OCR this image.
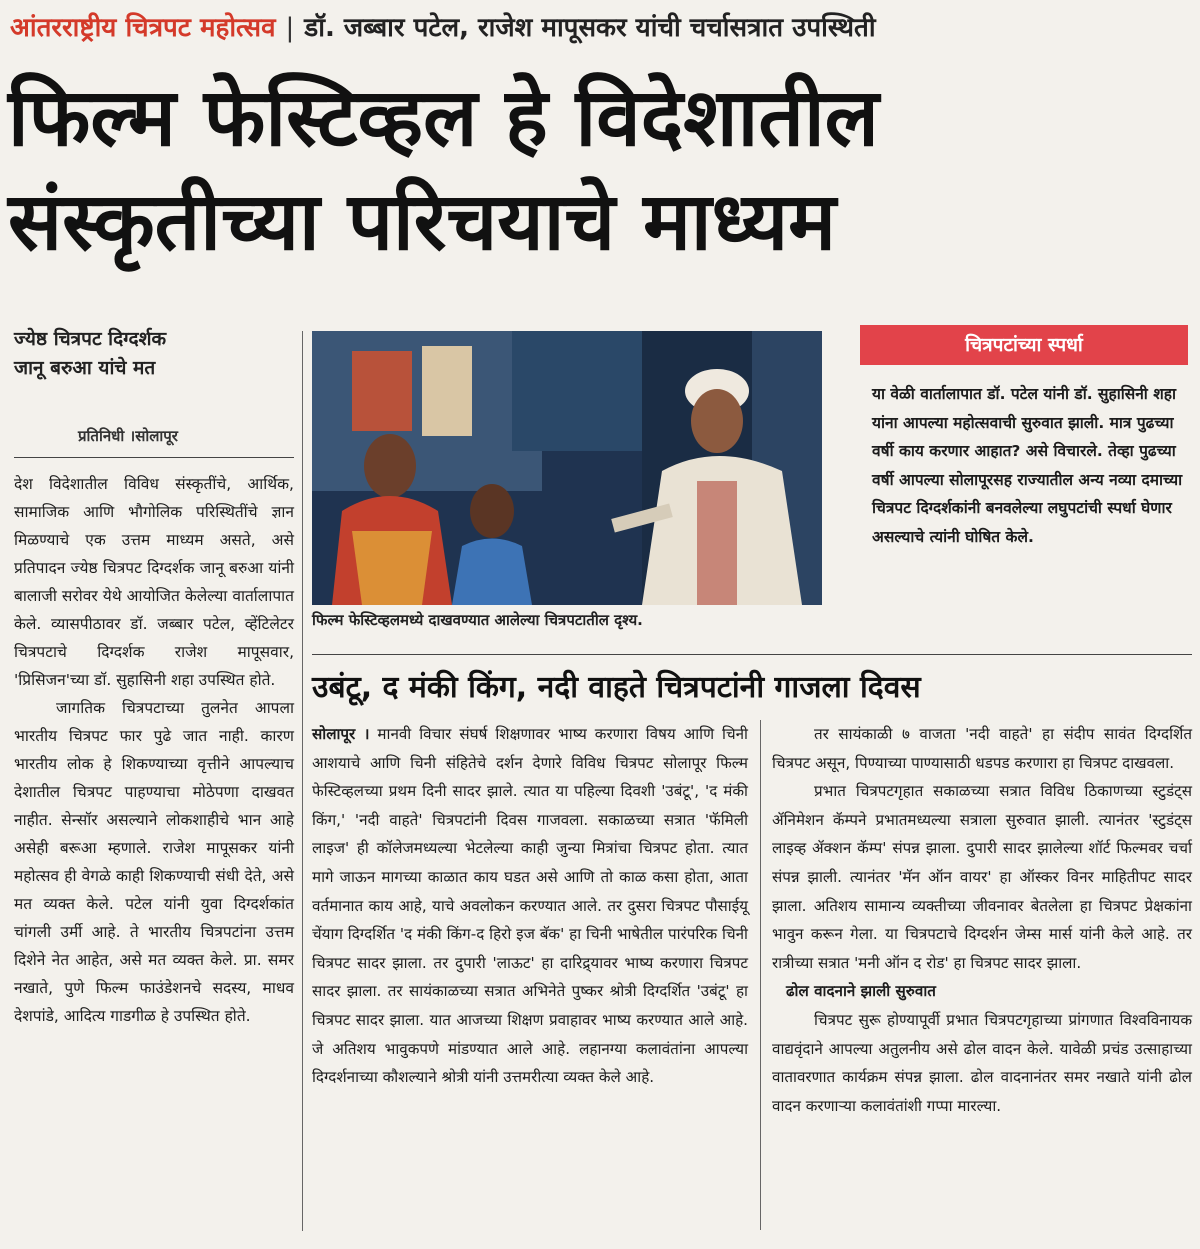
आंतरराष्ट्रीय चित्रपट महोत्सव | डॉ. जब्बार पटेल, राजेश मापूसकर यांची चर्चासत्रात उपस्थिती
फिल्म फेस्टिव्हल हे विदेशातील
संस्कृतीच्या परिचयाचे माध्यम
ज्येष्ठ चित्रपट दिग्दर्शक
जानू बरुआ यांचे मत
प्रतिनिधी ।सोलापूर

देश विदेशातील विविध संस्कृतींचे, आर्थिक, सामाजिक आणि भौगोलिक परिस्थितींचे ज्ञान मिळण्याचे एक उत्तम माध्यम असते, असे प्रतिपादन ज्येष्ठ चित्रपट दिग्दर्शक जानू बरुआ यांनी बालाजी सरोवर येथे आयोजित केलेल्या वार्तालापात केले. व्यासपीठावर डॉ. जब्बार पटेल, व्हेंटिलेटर चित्रपटाचे दिग्दर्शक राजेश मापूसवार, 'प्रिसिजन'च्या डॉ. सुहासिनी शहा उपस्थित होते.

जागतिक चित्रपटाच्या तुलनेत आपला भारतीय चित्रपट फार पुढे जात नाही. कारण भारतीय लोक हे शिकण्याच्या वृत्तीने आपल्याच देशातील चित्रपट पाहण्याचा मोठेपणा दाखवत नाहीत. सेन्सॉर असल्याने लोकशाहीचे भान आहे असेही बरूआ म्हणाले. राजेश मापूसकर यांनी महोत्सव ही वेगळे काही शिकण्याची संधी देते, असे मत व्यक्त केले. पटेल यांनी युवा दिग्दर्शकांत चांगली उर्मी आहे. ते भारतीय चित्रपटांना उत्तम दिशेने नेत आहेत, असे मत व्यक्त केले. प्रा. समर नखाते, पुणे फिल्म फाउंडेशनचे सदस्य, माधव देशपांडे, आदित्य गाडगीळ हे उपस्थित होते.

फिल्म फेस्टिव्हलमध्ये दाखवण्यात आलेल्या चित्रपटातील दृश्य.
चित्रपटांच्या स्पर्धा
या वेळी वार्तालापात डॉ. पटेल यांनी डॉ. सुहासिनी शहा यांना आपल्या महोत्सवाची सुरुवात झाली. मात्र पुढच्या वर्षी काय करणार आहात? असे विचारले. तेव्हा पुढच्या वर्षी आपल्या सोलापूरसह राज्यातील अन्य नव्या दमाच्या चित्रपट दिग्दर्शकांनी बनवलेल्या लघुपटांची स्पर्धा घेणार असल्याचे त्यांनी घोषित केले.
उबंटू, द मंकी किंग, नदी वाहते चित्रपटांनी गाजला दिवस

सोलापूर । मानवी विचार संघर्ष शिक्षणावर भाष्य करणारा विषय आणि चिनी आशयाचे आणि चिनी संहितेचे दर्शन देणारे विविध चित्रपट सोलापूर फिल्म फेस्टिव्हलच्या प्रथम दिनी सादर झाले. त्यात या पहिल्या दिवशी 'उबंटू', 'द मंकी किंग,' 'नदी वाहते' चित्रपटांनी दिवस गाजवला. सकाळच्या सत्रात 'फॅमिली लाइज' ही कॉलेजमध्यल्या भेटलेल्या काही जुन्या मित्रांचा चित्रपट होता. त्यात मागे जाऊन मागच्या काळात काय घडत असे आणि तो काळ कसा होता, आता वर्तमानात काय आहे, याचे अवलोकन करण्यात आले. तर दुसरा चित्रपट पौसाईयू चेंयाग दिग्दर्शित 'द मंकी किंग-द हिरो इज बॅक' हा चिनी भाषेतील पारंपरिक चिनी चित्रपट सादर झाला. तर दुपारी 'लाऊट' हा दारिद्र्यावर भाष्य करणारा चित्रपट सादर झाला. तर सायंकाळच्या सत्रात अभिनेते पुष्कर श्रोत्री दिग्दर्शित 'उबंटू' हा चित्रपट सादर झाला. यात आजच्या शिक्षण प्रवाहावर भाष्य करण्यात आले आहे. जे अतिशय भावुकपणे मांडण्यात आले आहे. लहानग्या कलावंतांना आपल्या दिग्दर्शनाच्या कौशल्याने श्रोत्री यांनी उत्तमरीत्या व्यक्त केले आहे.

तर सायंकाळी ७ वाजता 'नदी वाहते' हा संदीप सावंत दिग्दर्शित चित्रपट असून, पिण्याच्या पाण्यासाठी धडपड करणारा हा चित्रपट दाखवला.

प्रभात चित्रपटगृहात सकाळच्या सत्रात विविध ठिकाणच्या स्टुडंट्स ॲनिमेशन कॅम्पने प्रभातमध्यल्या सत्राला सुरुवात झाली. त्यानंतर 'स्टुडंट्स लाइव्ह ॲक्शन कॅम्प' संपन्न झाला. दुपारी सादर झालेल्या शॉर्ट फिल्मवर चर्चा संपन्न झाली. त्यानंतर 'मॅन ऑन वायर' हा ऑस्कर विनर माहितीपट सादर झाला. अतिशय सामान्य व्यक्तीच्या जीवनावर बेतलेला हा चित्रपट प्रेक्षकांना भावुन करून गेला. या चित्रपटाचे दिग्दर्शन जेम्स मार्स यांनी केले आहे. तर रात्रीच्या सत्रात 'मनी ऑन द रोड' हा चित्रपट सादर झाला.

ढोल वादनाने झाली सुरुवात

चित्रपट सुरू होण्यापूर्वी प्रभात चित्रपटगृहाच्या प्रांगणात विश्वविनायक वाद्यवृंदाने आपल्या अतुलनीय असे ढोल वादन केले. यावेळी प्रचंड उत्साहाच्या वातावरणात कार्यक्रम संपन्न झाला. ढोल वादनानंतर समर नखाते यांनी ढोल वादन करणाऱ्या कलावंतांशी गप्पा मारल्या.
